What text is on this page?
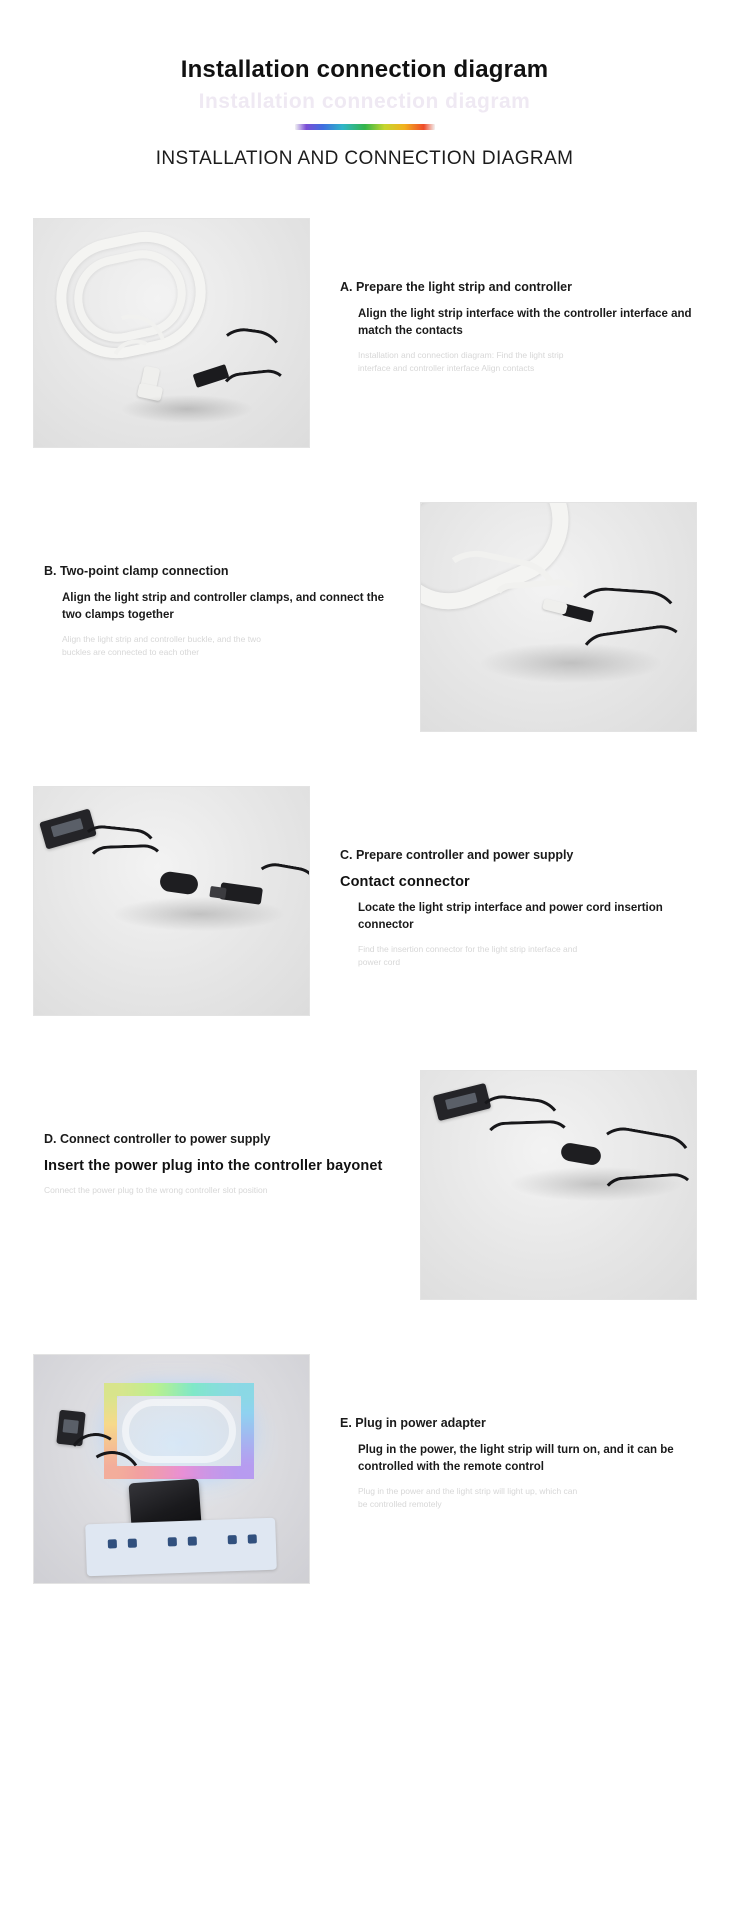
Installation connection diagram
Installation connection diagram
INSTALLATION AND CONNECTION DIAGRAM
A. Prepare the light strip and controller
Align the light strip interface with the controller interface and match the contacts
Installation and connection diagram: Find the light strip interface and controller interface Align contacts
B. Two-point clamp connection
Align the light strip and controller clamps, and connect the two clamps together
Align the light strip and controller buckle, and the two buckles are connected to each other
C. Prepare controller and power supply
Contact connector
Locate the light strip interface and power cord insertion connector
Find the insertion connector for the light strip interface and power cord
D. Connect controller to power supply
Insert the power plug into the controller bayonet
Connect the power plug to the wrong controller slot position
E. Plug in power adapter
Plug in the power, the light strip will turn on, and it can be controlled with the remote control
Plug in the power and the light strip will light up, which can be controlled remotely
